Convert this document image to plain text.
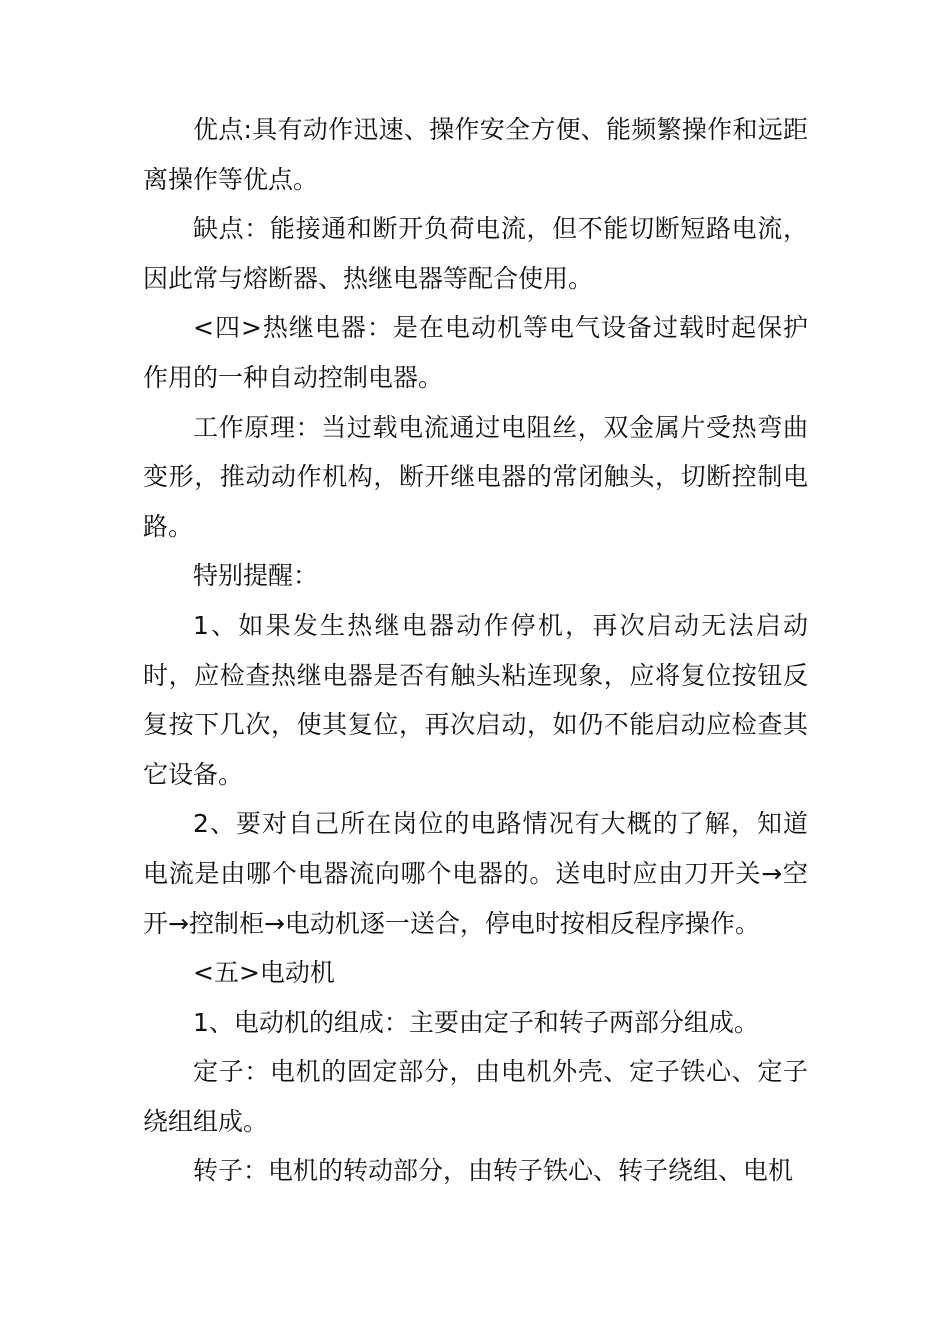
优点:具有动作迅速、操作安全方便、能频繁操作和远距离操作等优点。

缺点：能接通和断开负荷电流，但不能切断短路电流，因此常与熔断器、热继电器等配合使用。

<四>热继电器：是在电动机等电气设备过载时起保护作用的一种自动控制电器。

工作原理：当过载电流通过电阻丝，双金属片受热弯曲变形，推动动作机构，断开继电器的常闭触头，切断控制电路。

特别提醒：

1、如果发生热继电器动作停机，再次启动无法启动时，应检查热继电器是否有触头粘连现象，应将复位按钮反复按下几次，使其复位，再次启动，如仍不能启动应检查其它设备。

2、要对自己所在岗位的电路情况有大概的了解，知道电流是由哪个电器流向哪个电器的。送电时应由刀开关→空开→控制柜→电动机逐一送合，停电时按相反程序操作。

<五>电动机

1、电动机的组成：主要由定子和转子两部分组成。

定子：电机的固定部分，由电机外壳、定子铁心、定子绕组组成。

转子：电机的转动部分，由转子铁心、转子绕组、电机
